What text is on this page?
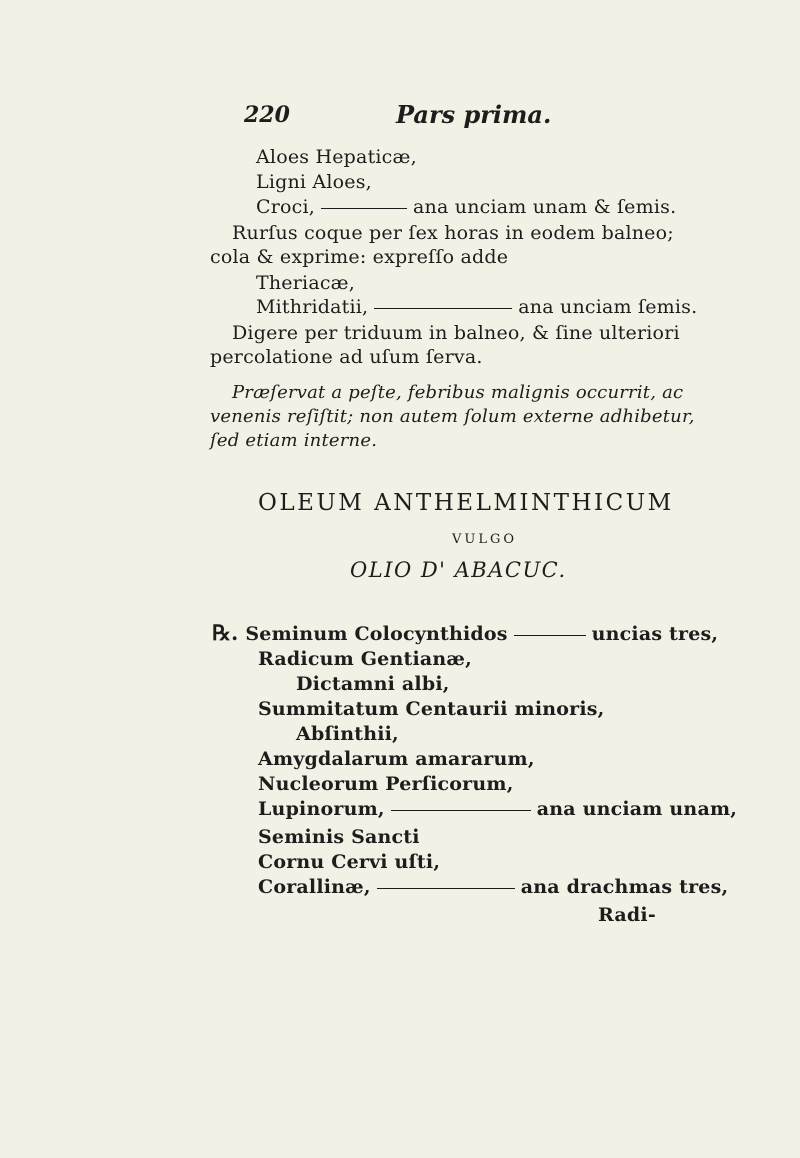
220	Pars prima.
Aloes Hepaticæ,
Ligni Aloes,
Croci,	ana unciam unam & ſemis.
Rurſus coque per ſex horas in eodem balneo;
cola & exprime: expreſſo adde
Theriacæ,
Mithridatii,	ana unciam ſemis.
Digere per triduum in balneo, & ſine ulteriori
percolatione ad uſum ſerva.
Præſervat a peſte, febribus malignis occurrit, ac
venenis reſiſtit; non autem ſolum externe adhibetur,
ſed etiam interne.
OLEUM ANTHELMINTHICUM
VULGO
OLIO D' ABACUC.
℞. Seminum Colocynthidos	uncias tres,
Radicum Gentianæ,
Dictamni albi,
Summitatum Centaurii minoris,
Abſinthii,
Amygdalarum amararum,
Nucleorum Perſicorum,
Lupinorum,	ana unciam unam,
Seminis Sancti
Cornu Cervi uſti,
Corallinæ,	ana drachmas tres,
Radi-
